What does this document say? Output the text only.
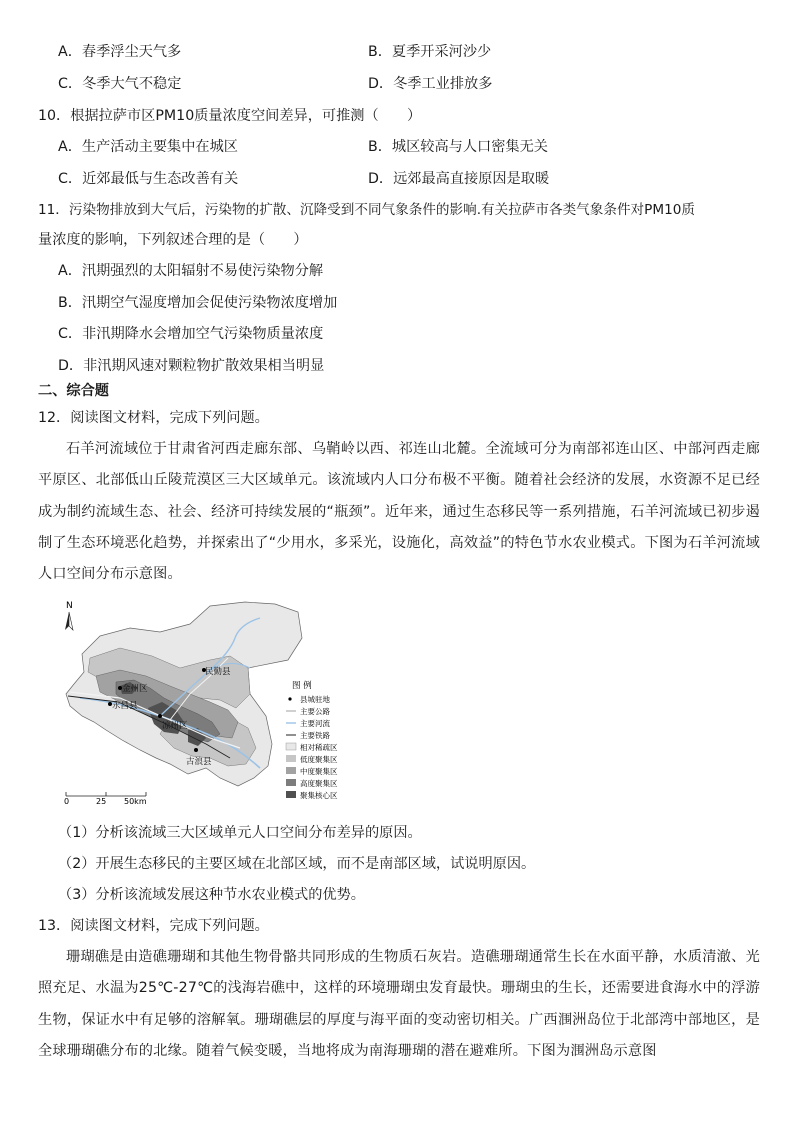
A．春季浮尘天气多	B．夏季开采河沙少
C．冬季大气不稳定	D．冬季工业排放多
10．根据拉萨市区PM10质量浓度空间差异，可推测（　　）
A．生产活动主要集中在城区	B．城区较高与人口密集无关
C．近郊最低与生态改善有关	D．远郊最高直接原因是取暖
11．污染物排放到大气后，污染物的扩散、沉降受到不同气象条件的影响.有关拉萨市各类气象条件对PM10质
量浓度的影响，下列叙述合理的是（　　）
A．汛期强烈的太阳辐射不易使污染物分解
B．汛期空气湿度增加会促使污染物浓度增加
C．非汛期降水会增加空气污染物质量浓度
D．非汛期风速对颗粒物扩散效果相当明显
二、综合题
12．阅读图文材料，完成下列问题。
石羊河流域位于甘肃省河西走廊东部、乌鞘岭以西、祁连山北麓。全流域可分为南部祁连山区、中部河西走廊平原区、北部低山丘陵荒漠区三大区域单元。该流域内人口分布极不平衡。随着社会经济的发展，水资源不足已经成为制约流域生态、社会、经济可持续发展的“瓶颈”。近年来，通过生态移民等一系列措施，石羊河流域已初步遏制了生态环境恶化趋势，并探索出了“少用水，多采光，设施化，高效益”的特色节水农业模式。下图为石羊河流域人口空间分布示意图。
N
民勤县
金州区
永昌县
凉州区
古浪县
0	25 50km
图 例
县城驻地
主要公路
主要河流
主要铁路
相对稀疏区
低度聚集区
中度聚集区
高度聚集区
聚集核心区
（1）分析该流域三大区域单元人口空间分布差异的原因。
（2）开展生态移民的主要区域在北部区域，而不是南部区域，试说明原因。
（3）分析该流域发展这种节水农业模式的优势。
13．阅读图文材料，完成下列问题。
珊瑚礁是由造礁珊瑚和其他生物骨骼共同形成的生物质石灰岩。造礁珊瑚通常生长在水面平静，水质清澈、光照充足、水温为25℃-27℃的浅海岩礁中，这样的环境珊瑚虫发育最快。珊瑚虫的生长，还需要进食海水中的浮游生物，保证水中有足够的溶解氧。珊瑚礁层的厚度与海平面的变动密切相关。广西涠洲岛位于北部湾中部地区，是全球珊瑚礁分布的北缘。随着气候变暖，当地将成为南海珊瑚的潜在避难所。下图为涠洲岛示意图
